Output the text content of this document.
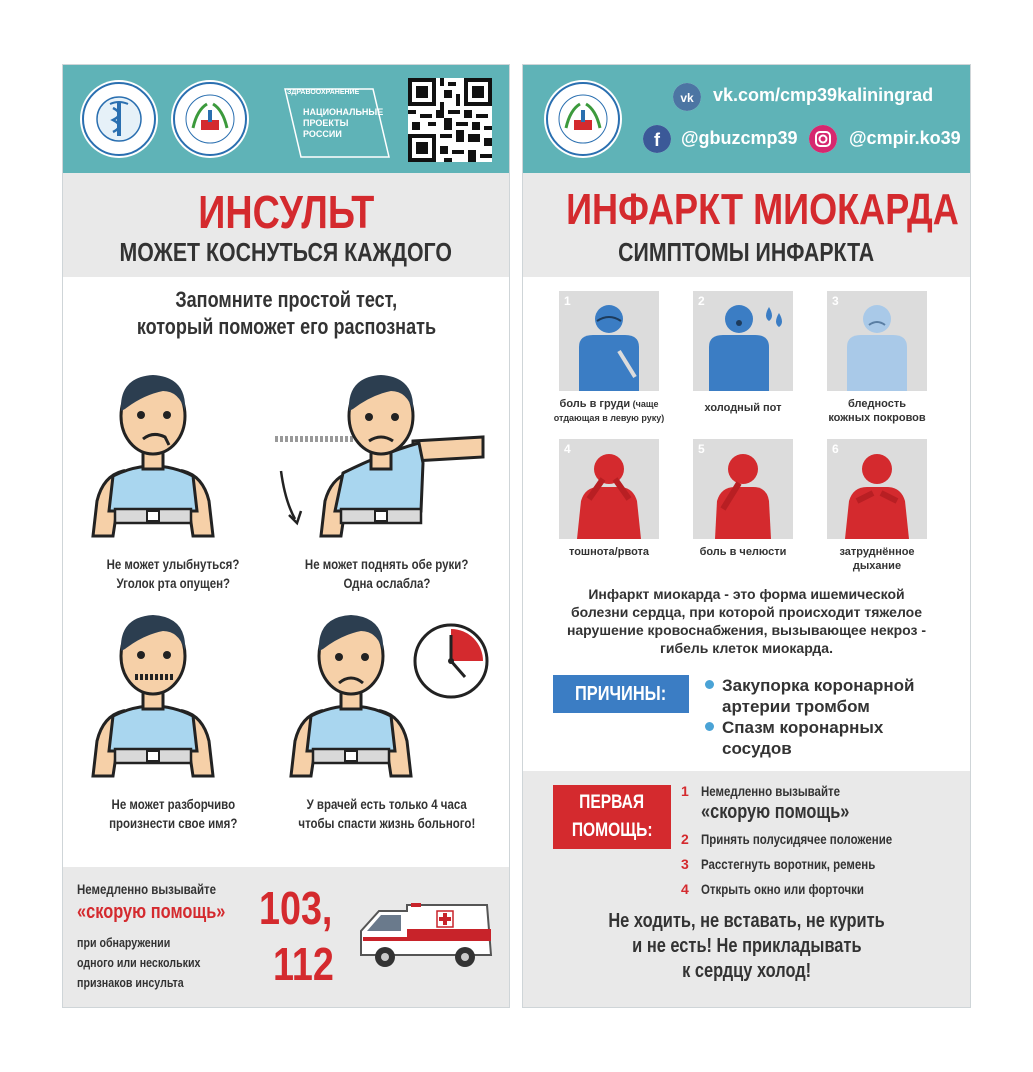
ЗДРАВООХРАНЕНИЕ
НАЦИОНАЛЬНЫЕ
ПРОЕКТЫ
РОССИИ
ИНСУЛЬТ
МОЖЕТ КОСНУТЬСЯ КАЖДОГО
Запомните простой тест,
который поможет его распознать
Не может улыбнуться?
Уголок рта опущен?
Не может поднять обе руки?
Одна ослабла?
Не может разборчиво
произнести свое имя?
У врачей есть только 4 часа
чтобы спасти жизнь больного!
Немедленно вызывайте
«скорую помощь»
при обнаружении
одного или нескольких
признаков инсульта
103,
112
vk vk.com/cmp39kaliningrad
f @gbuzcmp39	@cmpir.ko39
ИНФАРКТ МИОКАРДА
СИМПТОМЫ ИНФАРКТА
1	2	3
боль в груди (чаще
отдающая в левую руку)
холодный пот	бледность
кожных покровов
4	5	6
тошнота/рвота	боль в челюсти	затруднённое
дыхание
Инфаркт миокарда - это форма ишемической
болезни сердца, при которой происходит тяжелое
нарушение кровоснабжения, вызывающее некроз -
гибель клеток миокарда.
ПРИЧИНЫ:	Закупорка коронарной
артерии тромбом
Спазм коронарных
сосудов
ПЕРВАЯ
ПОМОЩЬ:
1 Немедленно вызывайте
«скорую помощь»
2 Принять полусидячее положение
3 Расстегнуть воротник, ремень
4 Открыть окно или форточки
Не ходить, не вставать, не курить
и не есть! Не прикладывать
к сердцу холод!
